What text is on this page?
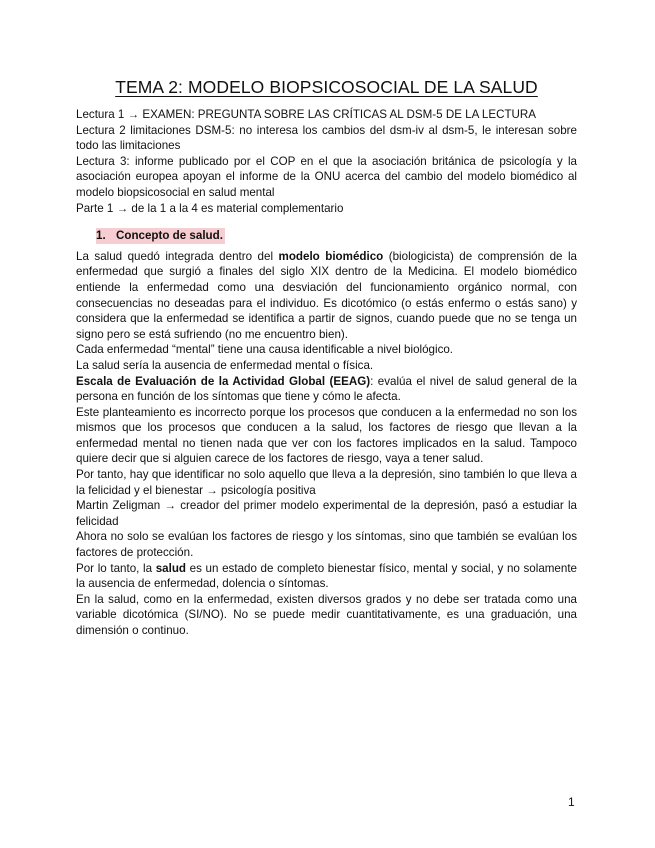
TEMA 2: MODELO BIOPSICOSOCIAL DE LA SALUD

Lectura 1 → EXAMEN: PREGUNTA SOBRE LAS CRÍTICAS AL DSM-5 DE LA LECTURA

Lectura 2 limitaciones DSM-5: no interesa los cambios del dsm-iv al dsm-5, le interesan sobre todo las limitaciones

Lectura 3: informe publicado por el COP en el que la asociación británica de psicología y la asociación europea apoyan el informe de la ONU acerca del cambio del modelo biomédico al modelo biopsicosocial en salud mental

Parte 1 → de la 1 a la 4 es material complementario

1. Concepto de salud.

La salud quedó integrada dentro del modelo biomédico (biologicista) de comprensión de la enfermedad que surgió a finales del siglo XIX dentro de la Medicina. El modelo biomédico entiende la enfermedad como una desviación del funcionamiento orgánico normal, con consecuencias no deseadas para el individuo. Es dicotómico (o estás enfermo o estás sano) y considera que la enfermedad se identifica a partir de signos, cuando puede que no se tenga un signo pero se está sufriendo (no me encuentro bien).

Cada enfermedad “mental” tiene una causa identificable a nivel biológico.

La salud sería la ausencia de enfermedad mental o física.

Escala de Evaluación de la Actividad Global (EEAG): evalúa el nivel de salud general de la persona en función de los síntomas que tiene y cómo le afecta.

Este planteamiento es incorrecto porque los procesos que conducen a la enfermedad no son los mismos que los procesos que conducen a la salud, los factores de riesgo que llevan a la enfermedad mental no tienen nada que ver con los factores implicados en la salud. Tampoco quiere decir que si alguien carece de los factores de riesgo, vaya a tener salud.

Por tanto, hay que identificar no solo aquello que lleva a la depresión, sino también lo que lleva a la felicidad y el bienestar → psicología positiva

Martin Zeligman → creador del primer modelo experimental de la depresión, pasó a estudiar la felicidad

Ahora no solo se evalúan los factores de riesgo y los síntomas, sino que también se evalúan los factores de protección.

Por lo tanto, la salud es un estado de completo bienestar físico, mental y social, y no solamente la ausencia de enfermedad, dolencia o síntomas.

En la salud, como en la enfermedad, existen diversos grados y no debe ser tratada como una variable dicotómica (SI/NO). No se puede medir cuantitativamente, es una graduación, una dimensión o continuo.

1
